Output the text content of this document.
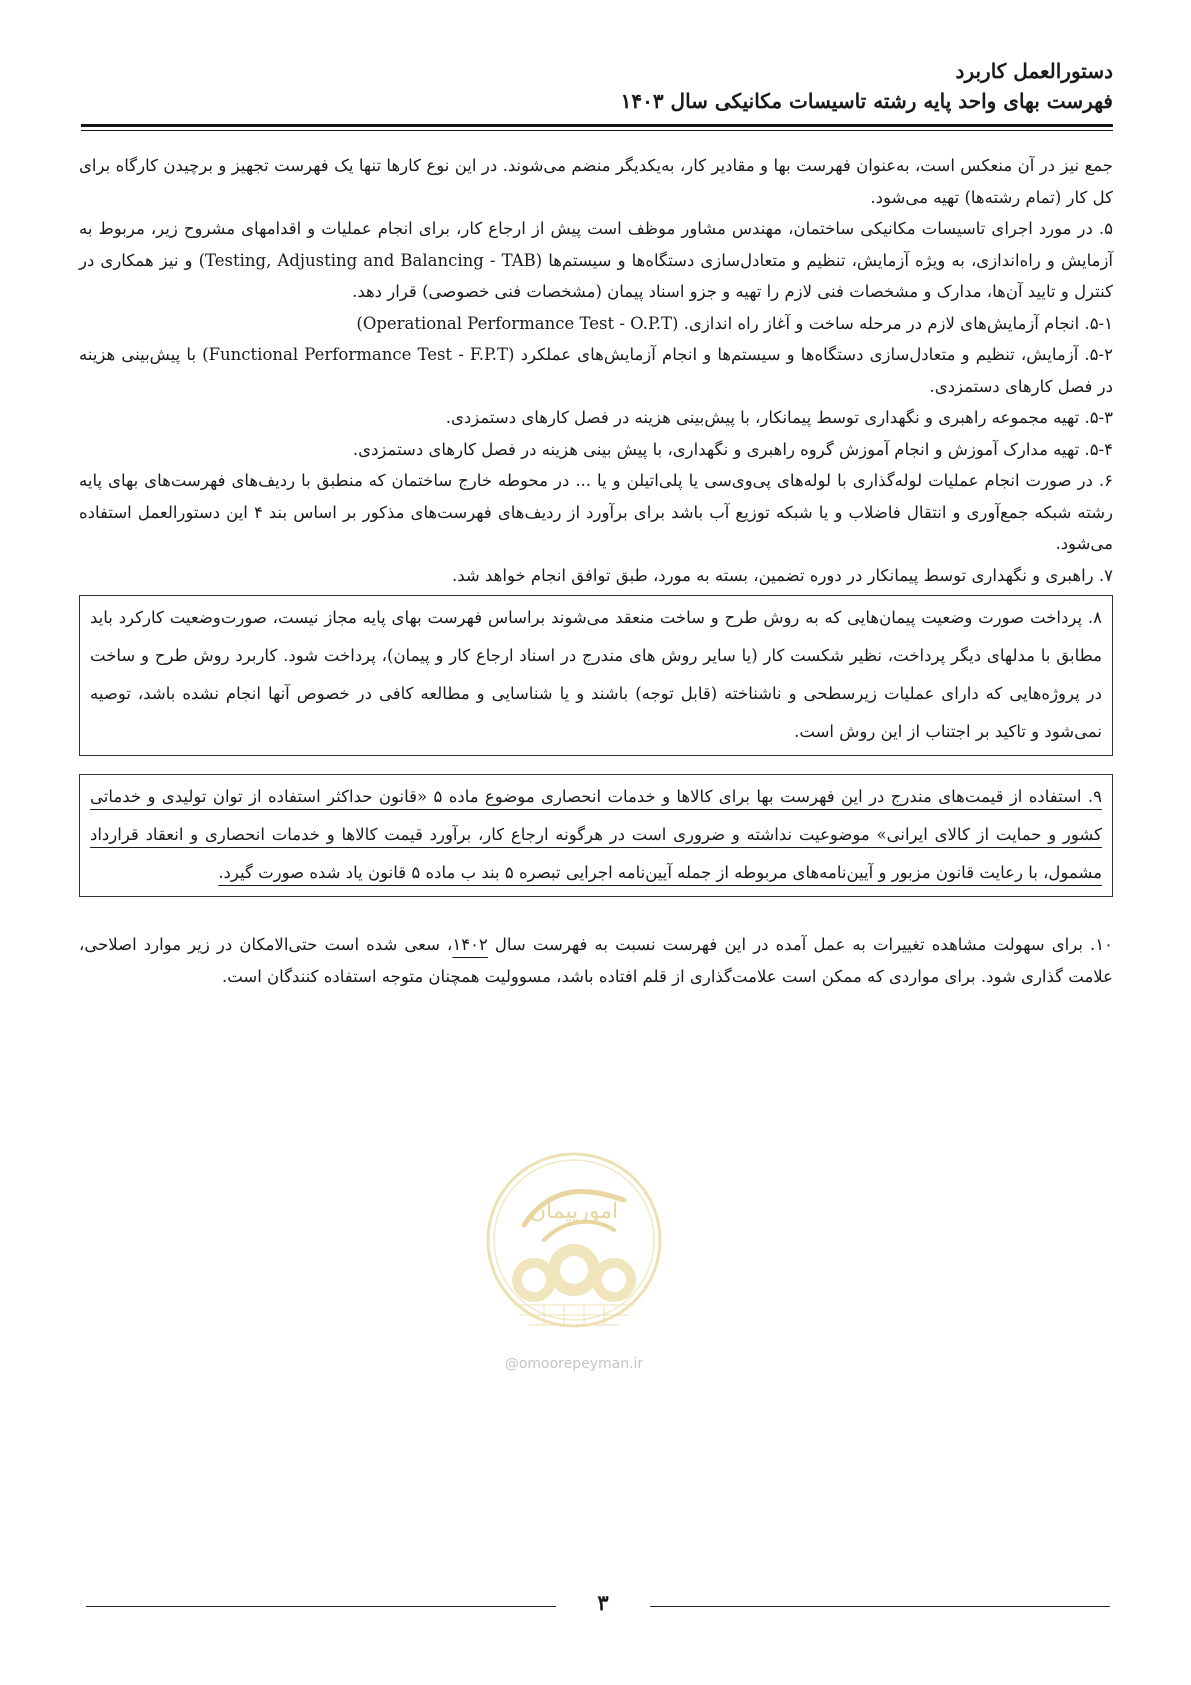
دستورالعمل کاربرد
فهرست بهای واحد پایه رشته تاسیسات مکانیکی سال ۱۴۰۳

جمع نیز در آن منعکس است، به‌عنوان فهرست بها و مقادیر کار، به‌یکدیگر منضم می‌شوند. در این نوع کارها تنها یک فهرست تجهیز و برچیدن کارگاه برای کل کار (تمام رشته‌ها) تهیه می‌شود.

۵. در مورد اجرای تاسیسات مکانیکی ساختمان، مهندس مشاور موظف است پیش از ارجاع کار، برای انجام عملیات و اقدامهای مشروح زیر، مربوط به آزمایش و راه‌اندازی، به ویژه آزمایش، تنظیم و متعادل‌سازی دستگاه‌ها و سیستم‌ها (Testing, Adjusting and Balancing - TAB) و نیز همکاری در کنترل و تایید آن‌ها، مدارک و مشخصات فنی لازم را تهیه و جزو اسناد پیمان (مشخصات فنی خصوصی) قرار دهد.

۵-۱. انجام آزمایش‌های لازم در مرحله ساخت و آغاز راه اندازی. (Operational Performance Test - O.P.T)

۵-۲. آزمایش، تنظیم و متعادل‌سازی دستگاه‌ها و سیستم‌ها و انجام آزمایش‌های عملکرد (Functional Performance Test - F.P.T) با پیش‌بینی هزینه در فصل کارهای دستمزدی.

۵-۳. تهیه مجموعه راهبری و نگهداری توسط پیمانکار، با پیش‌بینی هزینه در فصل کارهای دستمزدی.

۵-۴. تهیه مدارک آموزش و انجام آموزش گروه راهبری و نگهداری، با پیش بینی هزینه در فصل کارهای دستمزدی.

۶. در صورت انجام عملیات لوله‌گذاری با لوله‌های پی‌وی‌سی یا پلی‌اتیلن و یا ... در محوطه خارج ساختمان که منطبق با ردیف‌های فهرست‌های بهای پایه رشته شبکه جمع‌آوری و انتقال فاضلاب و یا شبکه توزیع آب باشد برای برآورد از ردیف‌های فهرست‌های مذکور بر اساس بند ۴ این دستورالعمل استفاده می‌شود.

۷. راهبری و نگهداری توسط پیمانکار در دوره تضمین، بسته به مورد، طبق توافق انجام خواهد شد.

۸. پرداخت صورت وضعیت پیمان‌هایی که به روش طرح و ساخت منعقد می‌شوند براساس فهرست بهای پایه مجاز نیست، صورت‌وضعیت کارکرد باید مطابق با مدلهای دیگر پرداخت، نظیر شکست کار (یا سایر روش های مندرج در اسناد ارجاع کار و پیمان)، پرداخت شود. کاربرد روش طرح و ساخت در پروژه‌هایی که دارای عملیات زیرسطحی و ناشناخته (قابل توجه) باشند و یا شناسایی و مطالعه کافی در خصوص آنها انجام نشده باشد، توصیه نمی‌شود و تاکید بر اجتناب از این روش است.

۹. استفاده از قیمت‌های مندرج در این فهرست بها برای کالاها و خدمات انحصاری موضوع ماده ۵ «قانون حداکثر استفاده از توان تولیدی و خدماتی کشور و حمایت از کالای ایرانی» موضوعیت نداشته و ضروری است در هرگونه ارجاع کار، برآورد قیمت کالاها و خدمات انحصاری و انعقاد قرارداد مشمول، با رعایت قانون مزبور و آیین‌نامه‌های مربوطه از جمله آیین‌نامه اجرایی تبصره ۵ بند ب ماده ۵ قانون یاد شده صورت گیرد.

۱۰. برای سهولت مشاهده تغییرات به عمل آمده در این فهرست نسبت به فهرست سال ۱۴۰۲، سعی شده است حتی‌الامکان در زیر موارد اصلاحی، علامت گذاری شود. برای مواردی که ممکن است علامت‌گذاری از قلم افتاده باشد، مسوولیت همچنان متوجه استفاده کنندگان است.

امورپیمان
@omoorepeyman.ir
۳
